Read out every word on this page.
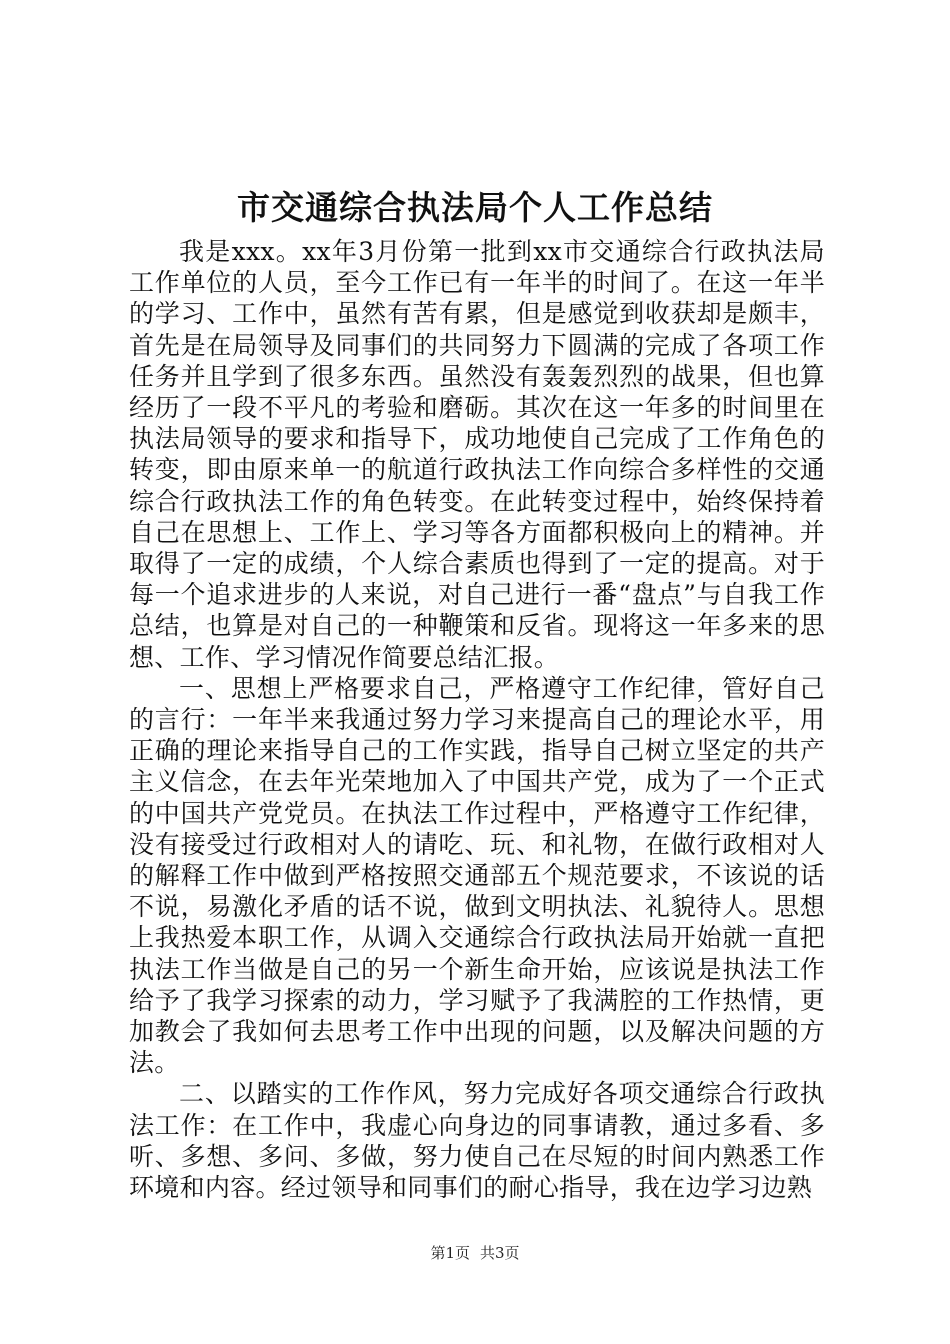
市交通综合执法局个人工作总结

我是xxx。xx年3月份第一批到xx市交通综合行政执法局工作单位的人员，至今工作已有一年半的时间了。在这一年半的学习、工作中，虽然有苦有累，但是感觉到收获却是颇丰，首先是在局领导及同事们的共同努力下圆满的完成了各项工作任务并且学到了很多东西。虽然没有轰轰烈烈的战果，但也算经历了一段不平凡的考验和磨砺。其次在这一年多的时间里在执法局领导的要求和指导下，成功地使自己完成了工作角色的转变，即由原来单一的航道行政执法工作向综合多样性的交通综合行政执法工作的角色转变。在此转变过程中，始终保持着自己在思想上、工作上、学习等各方面都积极向上的精神。并取得了一定的成绩，个人综合素质也得到了一定的提高。对于每一个追求进步的人来说，对自己进行一番“盘点”与自我工作总结，也算是对自己的一种鞭策和反省。现将这一年多来的思想、工作、学习情况作简要总结汇报。

一、思想上严格要求自己，严格遵守工作纪律，管好自己的言行：一年半来我通过努力学习来提高自己的理论水平，用正确的理论来指导自己的工作实践，指导自己树立坚定的共产主义信念，在去年光荣地加入了中国共产党，成为了一个正式的中国共产党党员。在执法工作过程中，严格遵守工作纪律，没有接受过行政相对人的请吃、玩、和礼物，在做行政相对人的解释工作中做到严格按照交通部五个规范要求，不该说的话不说，易激化矛盾的话不说，做到文明执法、礼貌待人。思想上我热爱本职工作，从调入交通综合行政执法局开始就一直把执法工作当做是自己的另一个新生命开始，应该说是执法工作给予了我学习探索的动力，学习赋予了我满腔的工作热情，更加教会了我如何去思考工作中出现的问题，以及解决问题的方法。

二、以踏实的工作作风，努力完成好各项交通综合行政执法工作：在工作中，我虚心向身边的同事请教，通过多看、多听、多想、多问、多做，努力使自己在尽短的时间内熟悉工作环境和内容。经过领导和同事们的耐心指导，我在边学习边熟

第1页 共3页
